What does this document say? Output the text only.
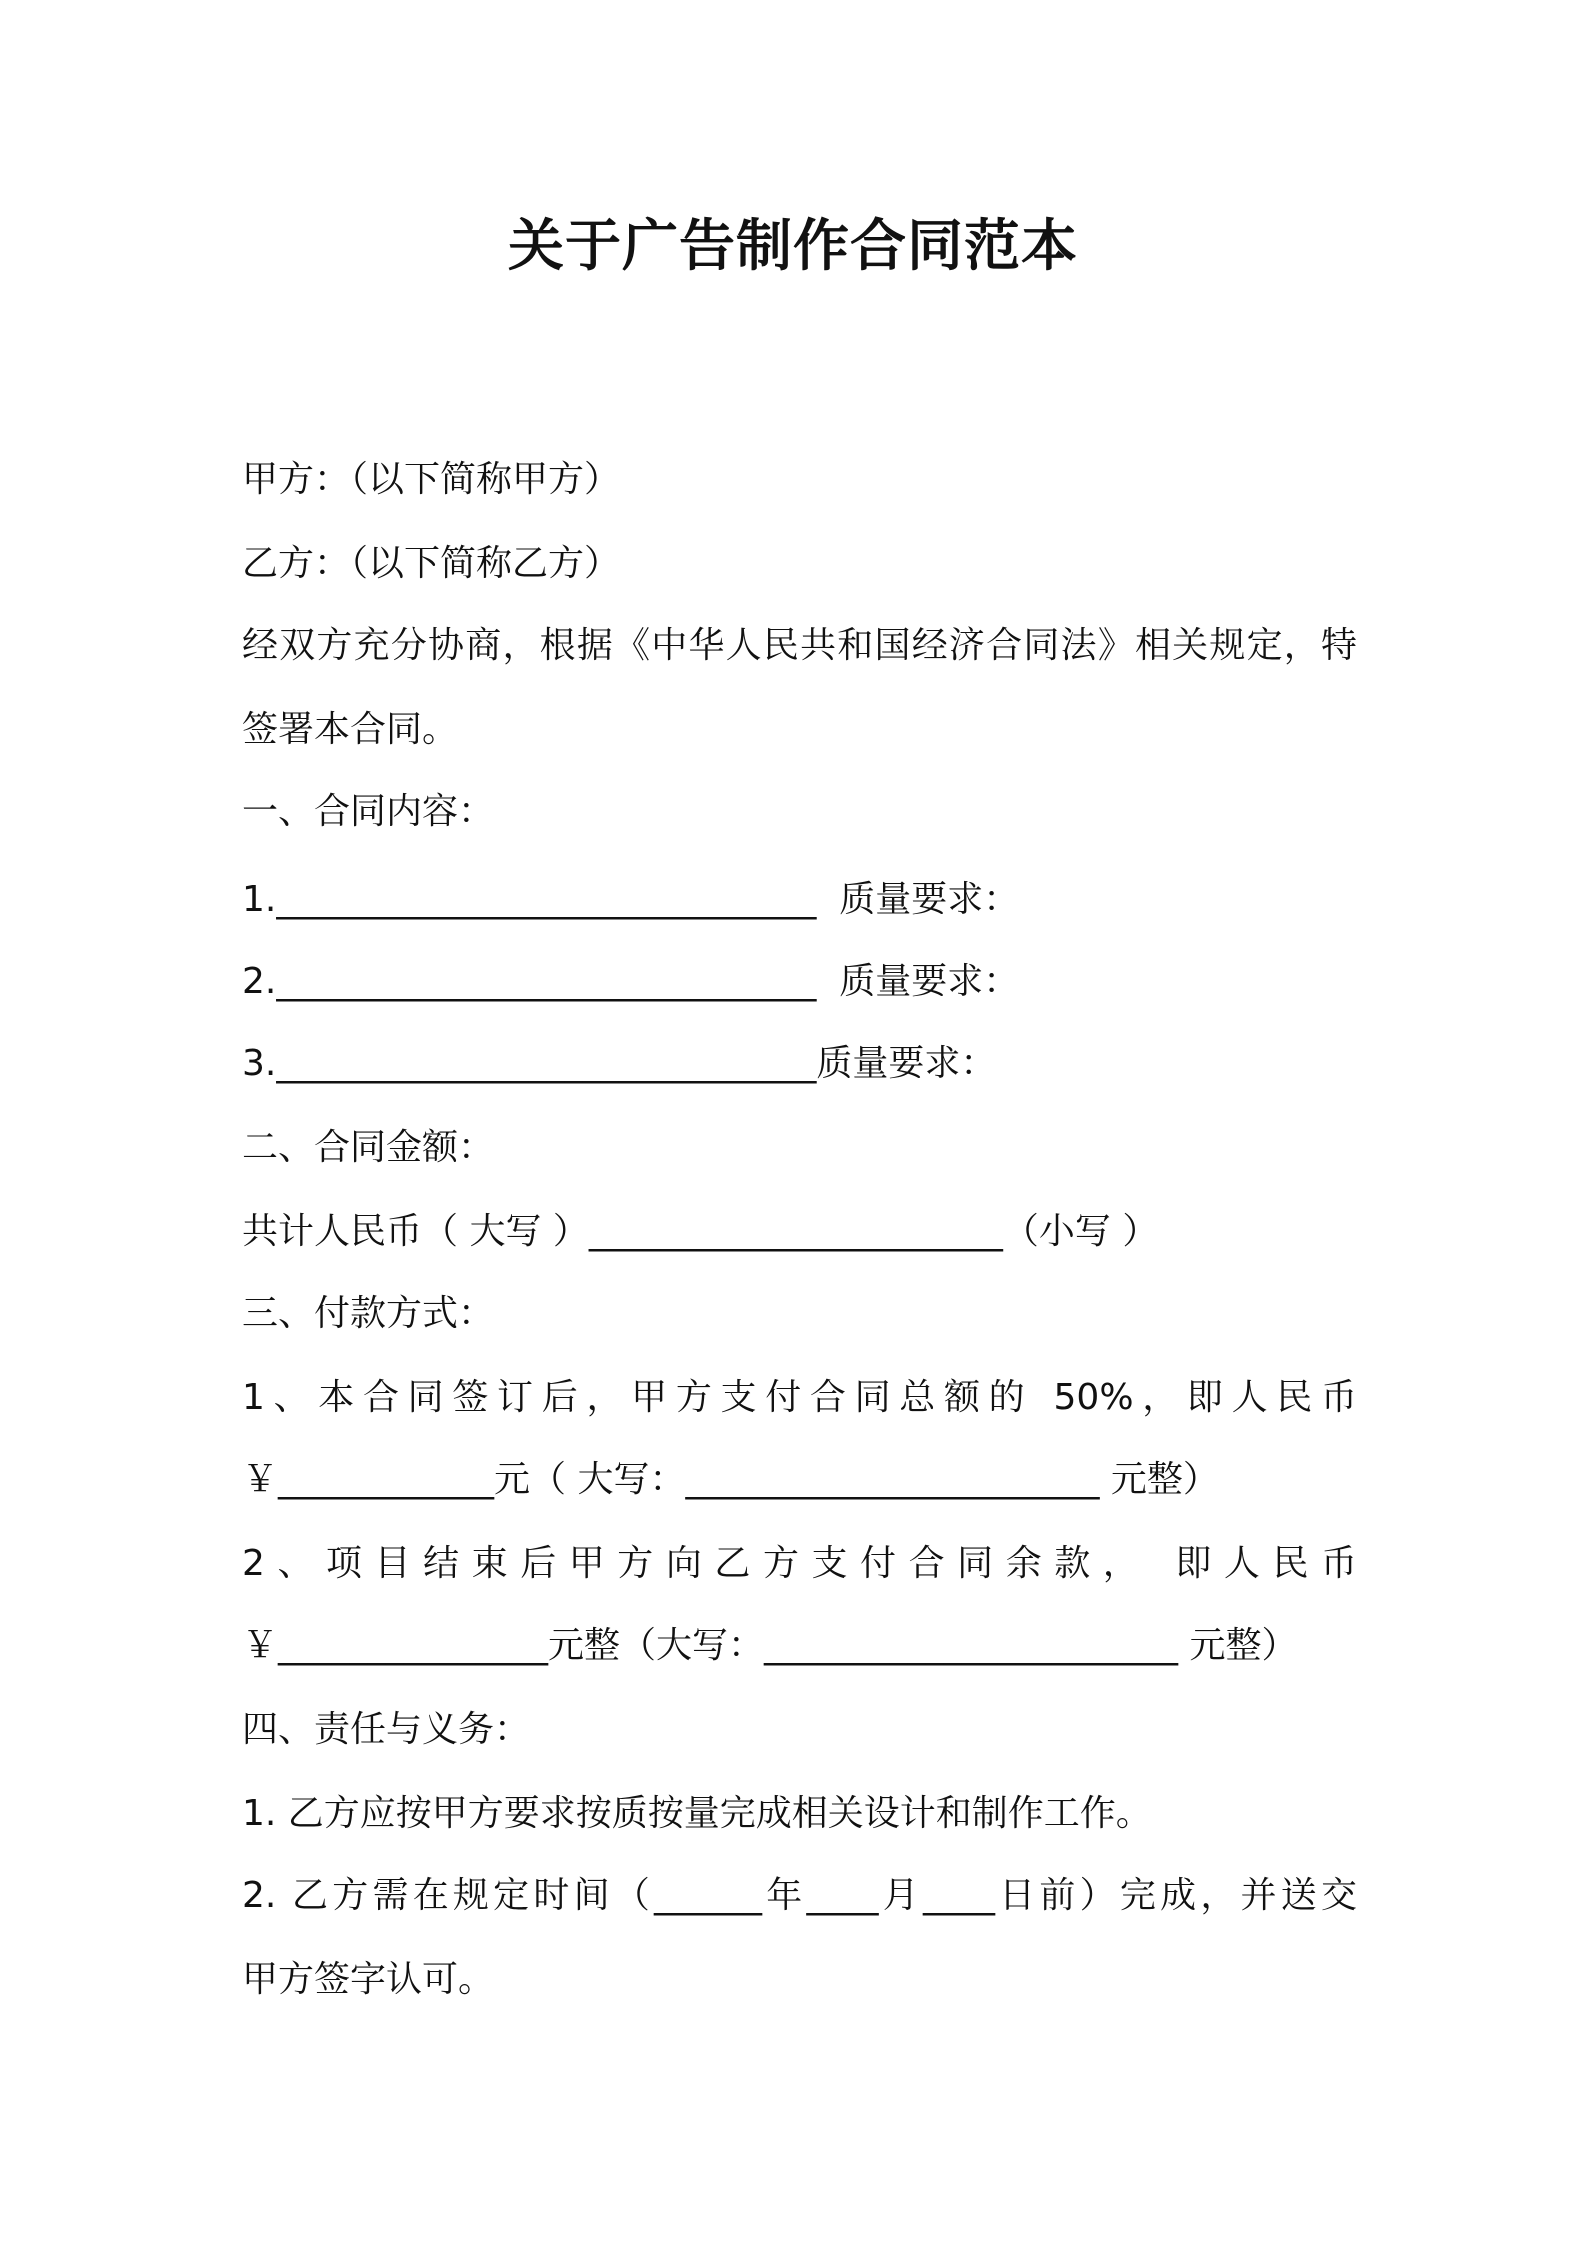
关于广告制作合同范本
甲方：（以下简称甲方）
乙方：（以下简称乙方）
经双方充分协商，根据《中华人民共和国经济合同法》相关规定，特
签署本合同。
一、合同内容：
1.______________________________  质量要求：
2.______________________________  质量要求：
3.______________________________质量要求：
二、合同金额：
共计人民币（ 大写 ）_______________________（小写 ）
三、付款方式：
1、本合同签订后，甲方支付合同总额的 50%，即人民币
￥____________元（ 大写：_______________________ 元整）
2、项目结束后甲方向乙方支付合同余款， 即人民币
￥_______________元整（大写：_______________________ 元整）
四、责任与义务：
1. 乙方应按甲方要求按质按量完成相关设计和制作工作。
2. 乙方需在规定时间（______年____月____日前）完成，并送交
甲方签字认可。
